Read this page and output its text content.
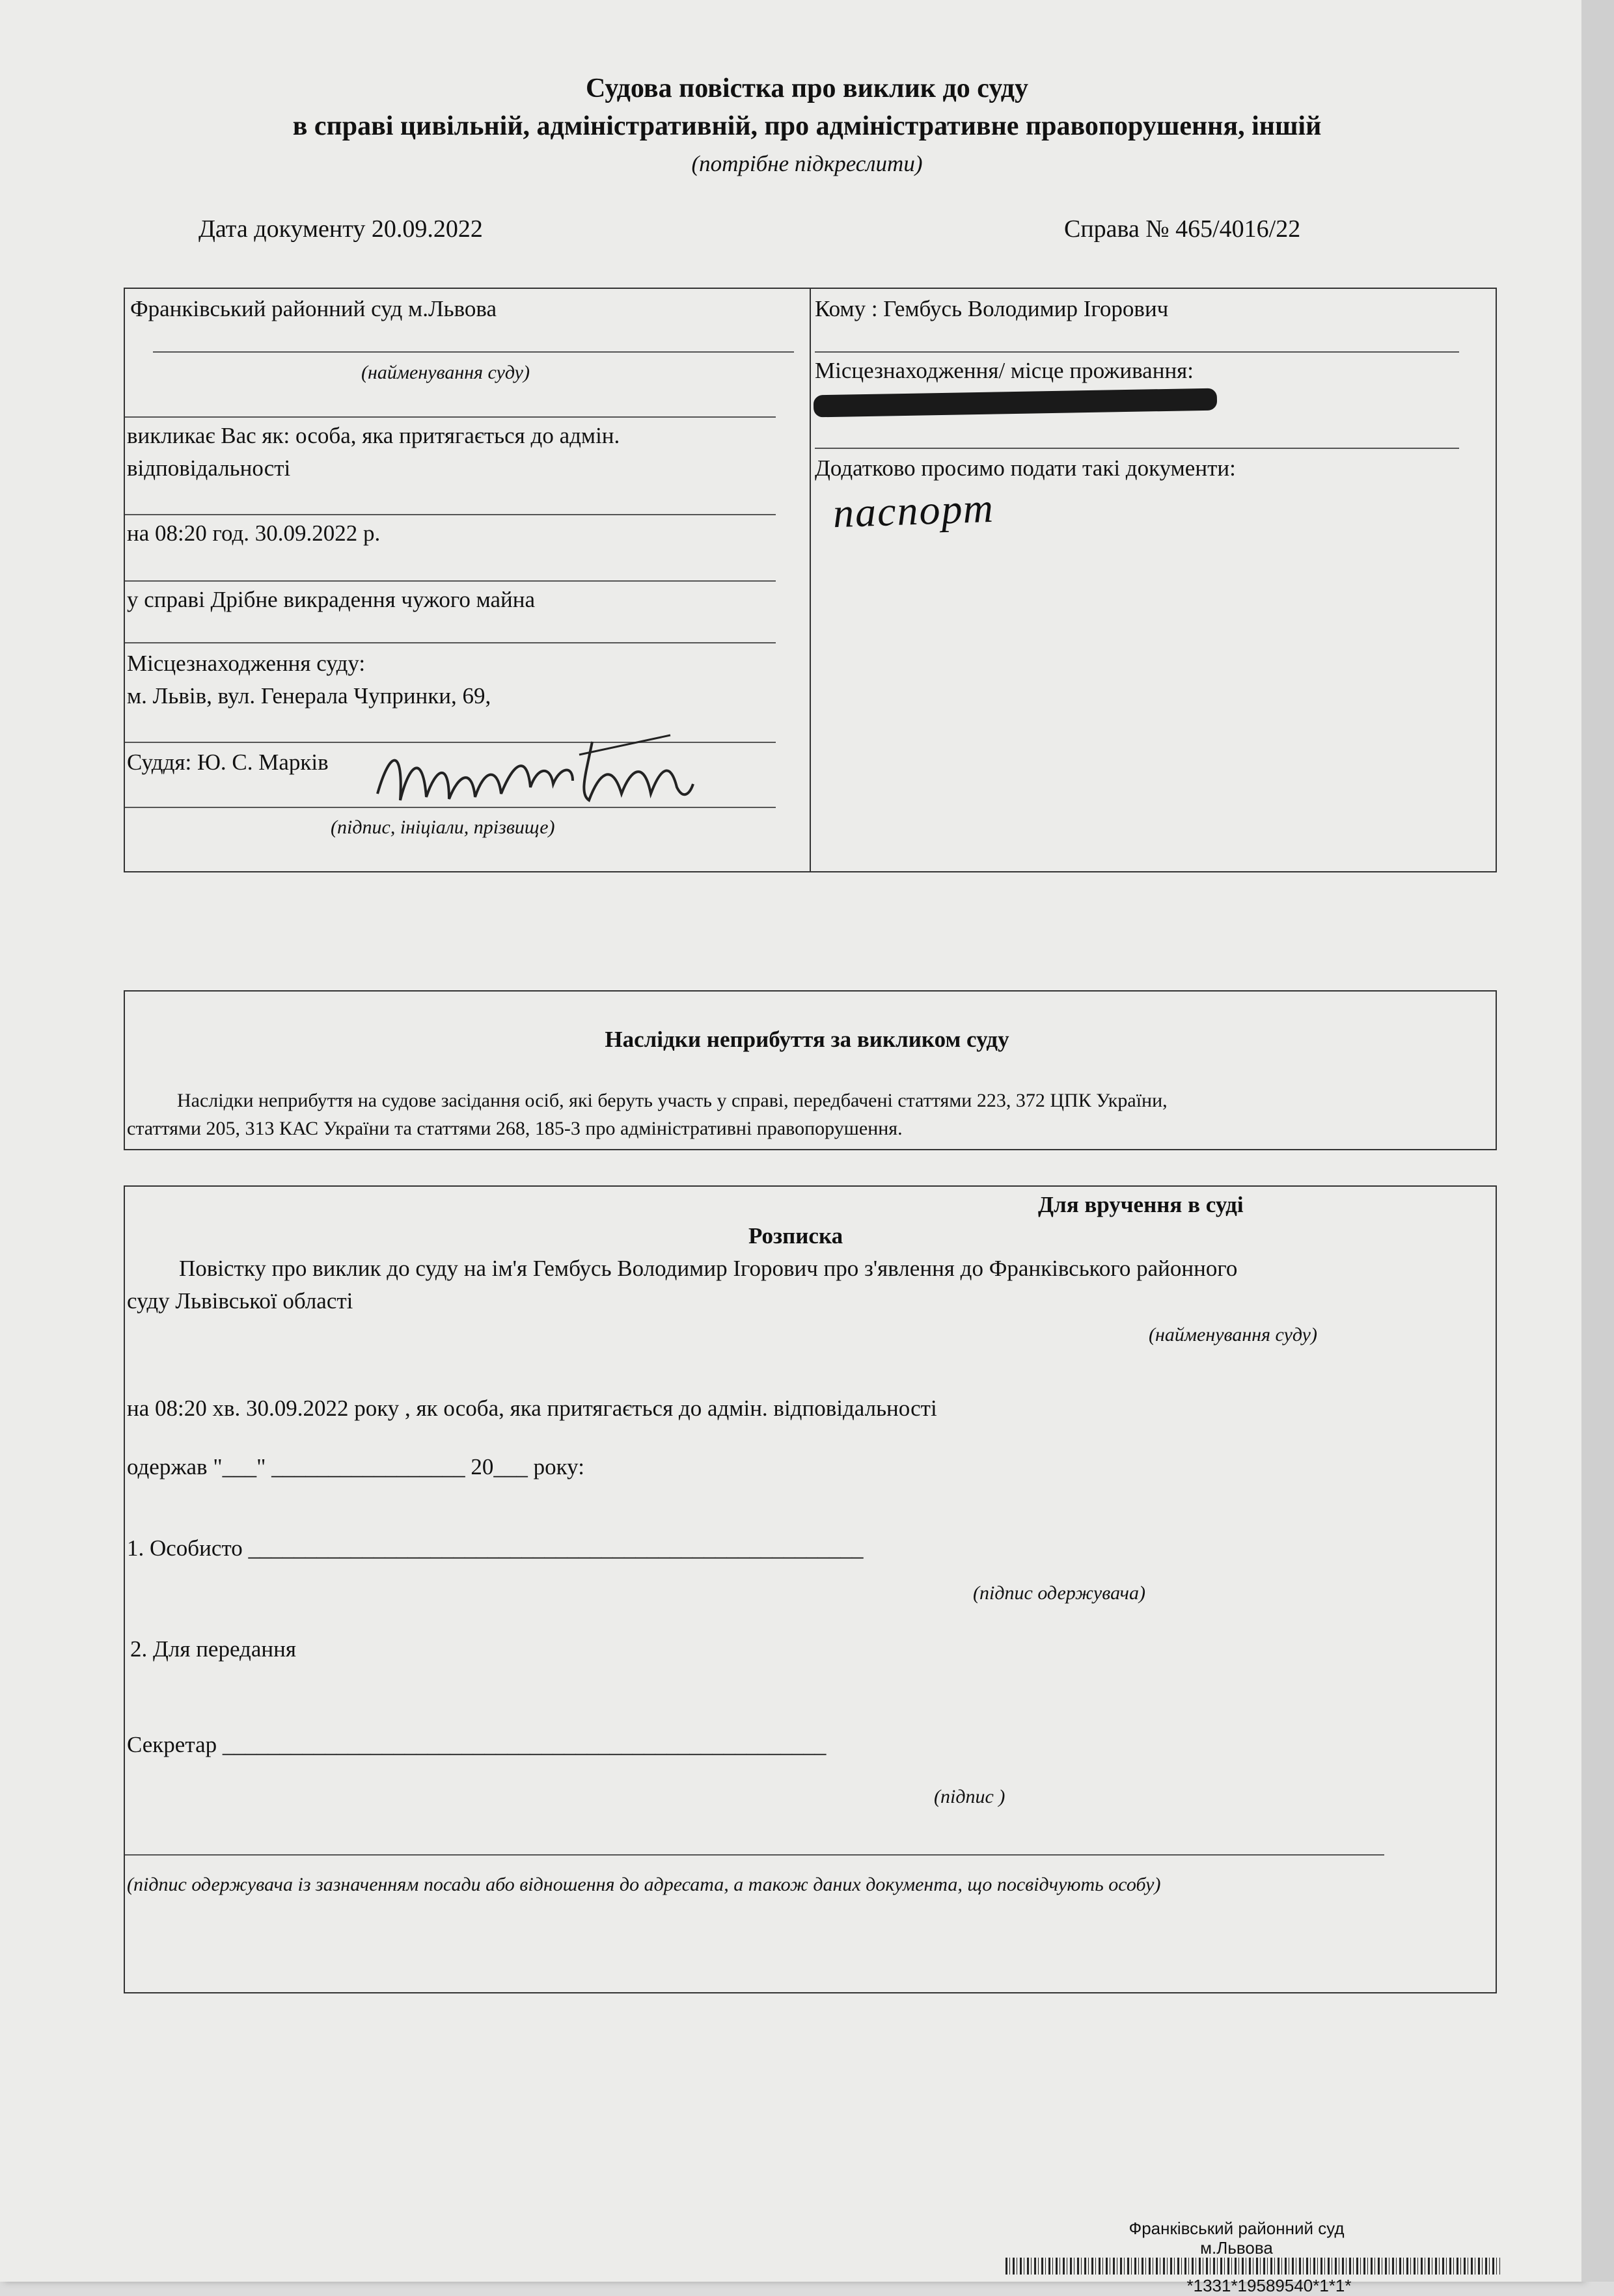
Судова повістка про виклик до суду
в справі цивільній, адміністративній, про адміністративне правопорушення, іншій
(потрібне підкреслити)
Дата документу 20.09.2022	Справа № 465/4016/22
Франківський районний суд м.Львова
(найменування суду)
викликає Вас як: особа, яка притягається до адмін.
відповідальності
на 08:20 год. 30.09.2022 р.
у справі Дрібне викрадення чужого майна
Місцезнаходження суду:
м. Львів, вул. Генерала Чупринки, 69,
Суддя: Ю. С. Марків
(підпис, ініціали, прізвище)
Кому : Гембусь Володимир Ігорович
Місцезнаходження/ місце проживання:
Додатково просимо подати такі документи:
паспорт
Наслідки неприбуття за викликом суду
Наслідки неприбуття на судове засідання осіб, які беруть участь у справі, передбачені статтями 223, 372 ЦПК України,
статтями 205, 313 КАС України та статтями 268, 185-3 про адміністративні правопорушення.
Для вручення в суді
Розписка
Повістку про виклик до суду на ім'я Гембусь Володимир Ігорович про з'явлення до Франківського районного
суду Львівської області
(найменування суду)
на 08:20 хв. 30.09.2022 року , як особа, яка притягається до адмін. відповідальності
одержав "___" _________________ 20___ року:
1. Особисто ______________________________________________________
(підпис одержувача)
2. Для передання
Секретар _____________________________________________________
(підпис )
(підпис одержувача із зазначенням посади або відношення до адресата, а також даних документа, що посвідчують особу)
Франківський районний суд
м.Львова
*1331*19589540*1*1*
